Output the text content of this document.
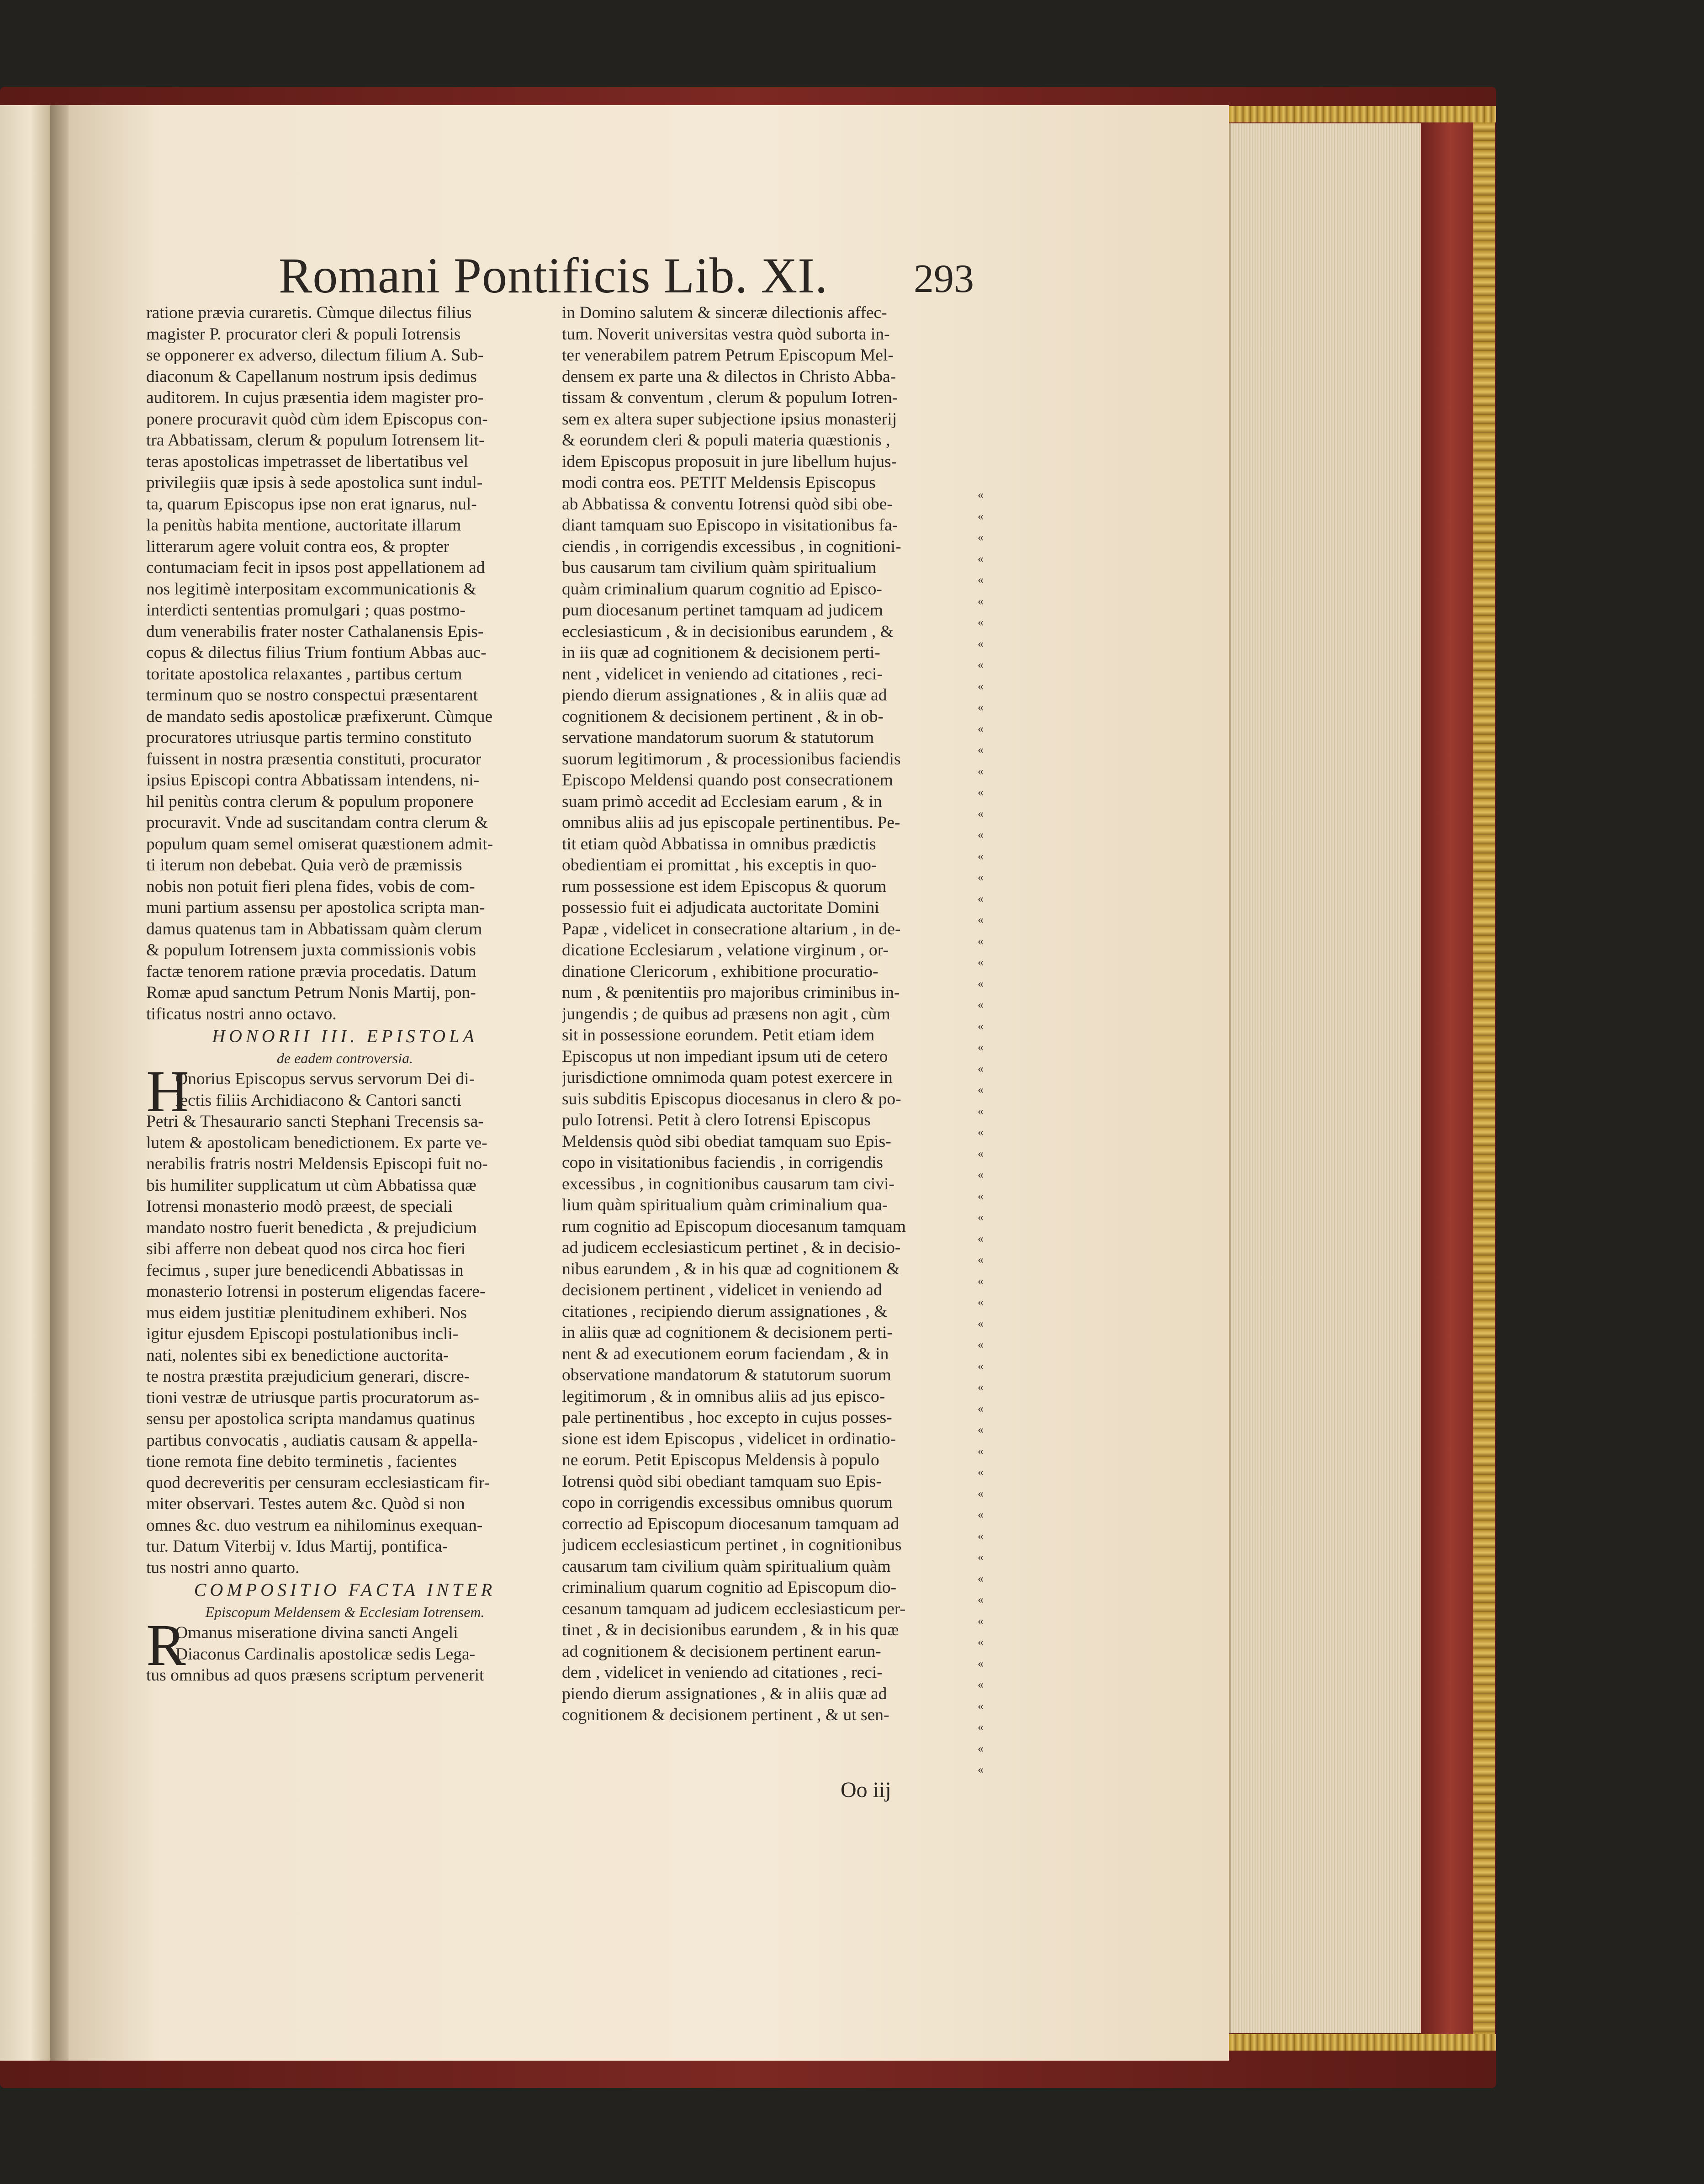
Romani Pontificis Lib. XI. 293
ratione prævia curaretis. Cùmque dilectus filius
magister P. procurator cleri & populi Iotrensis
se opponerer ex adverso, dilectum filium A. Sub-
diaconum & Capellanum nostrum ipsis dedimus
auditorem. In cujus præsentia idem magister pro-
ponere procuravit quòd cùm idem Episcopus con-
tra Abbatissam, clerum & populum Iotrensem lit-
teras apostolicas impetrasset de libertatibus vel
privilegiis quæ ipsis à sede apostolica sunt indul-
ta, quarum Episcopus ipse non erat ignarus, nul-
la penitùs habita mentione, auctoritate illarum
litterarum agere voluit contra eos, & propter
contumaciam fecit in ipsos post appellationem ad
nos legitimè interpositam excommunicationis &
interdicti sententias promulgari ; quas postmo-
dum venerabilis frater noster Cathalanensis Epis-
copus & dilectus filius Trium fontium Abbas auc-
toritate apostolica relaxantes , partibus certum
terminum quo se nostro conspectui præsentarent
de mandato sedis apostolicæ præfixerunt. Cùmque
procuratores utriusque partis termino constituto
fuissent in nostra præsentia constituti, procurator
ipsius Episcopi contra Abbatissam intendens, ni-
hil penitùs contra clerum & populum proponere
procuravit. Vnde ad suscitandam contra clerum &
populum quam semel omiserat quæstionem admit-
ti iterum non debebat. Quia verò de præmissis
nobis non potuit fieri plena fides, vobis de com-
muni partium assensu per apostolica scripta man-
damus quatenus tam in Abbatissam quàm clerum
& populum Iotrensem juxta commissionis vobis
factæ tenorem ratione prævia procedatis. Datum
Romæ apud sanctum Petrum Nonis Martij, pon-
tificatus nostri anno octavo.
HONORII III. EPISTOLA
de eadem controversia.
H
Onorius Episcopus servus servorum Dei di-
lectis filiis Archidiacono & Cantori sancti
Petri & Thesaurario sancti Stephani Trecensis sa-
lutem & apostolicam benedictionem. Ex parte ve-
nerabilis fratris nostri Meldensis Episcopi fuit no-
bis humiliter supplicatum ut cùm Abbatissa quæ
Iotrensi monasterio modò præest, de speciali
mandato nostro fuerit benedicta , & prejudicium
sibi afferre non debeat quod nos circa hoc fieri
fecimus , super jure benedicendi Abbatissas in
monasterio Iotrensi in posterum eligendas facere-
mus eidem justitiæ plenitudinem exhiberi. Nos
igitur ejusdem Episcopi postulationibus incli-
nati, nolentes sibi ex benedictione auctorita-
te nostra præstita præjudicium generari, discre-
tioni vestræ de utriusque partis procuratorum as-
sensu per apostolica scripta mandamus quatinus
partibus convocatis , audiatis causam & appella-
tione remota fine debito terminetis , facientes
quod decreveritis per censuram ecclesiasticam fir-
miter observari. Testes autem &c. Quòd si non
omnes &c. duo vestrum ea nihilominus exequan-
tur. Datum Viterbij v. Idus Martij, pontifica-
tus nostri anno quarto.
COMPOSITIO FACTA INTER
Episcopum Meldensem & Ecclesiam Iotrensem.
R
Omanus miseratione divina sancti Angeli
Diaconus Cardinalis apostolicæ sedis Lega-
tus omnibus ad quos præsens scriptum pervenerit
in Domino salutem & sinceræ dilectionis affec-
tum. Noverit universitas vestra quòd suborta in-
ter venerabilem patrem Petrum Episcopum Mel-
densem ex parte una & dilectos in Christo Abba-
tissam & conventum , clerum & populum Iotren-
sem ex altera super subjectione ipsius monasterij
& eorundem cleri & populi materia quæstionis ,
idem Episcopus proposuit in jure libellum hujus-
modi contra eos. PETIT Meldensis Episcopus
ab Abbatissa & conventu Iotrensi quòd sibi obe-
diant tamquam suo Episcopo in visitationibus fa-
ciendis , in corrigendis excessibus , in cognitioni-
bus causarum tam civilium quàm spiritualium
quàm criminalium quarum cognitio ad Episco-
pum diocesanum pertinet tamquam ad judicem
ecclesiasticum , & in decisionibus earundem , &
in iis quæ ad cognitionem & decisionem perti-
nent , videlicet in veniendo ad citationes , reci-
piendo dierum assignationes , & in aliis quæ ad
cognitionem & decisionem pertinent , & in ob-
servatione mandatorum suorum & statutorum
suorum legitimorum , & processionibus faciendis
Episcopo Meldensi quando post consecrationem
suam primò accedit ad Ecclesiam earum , & in
omnibus aliis ad jus episcopale pertinentibus. Pe-
tit etiam quòd Abbatissa in omnibus prædictis
obedientiam ei promittat , his exceptis in quo-
rum possessione est idem Episcopus & quorum
possessio fuit ei adjudicata auctoritate Domini
Papæ , videlicet in consecratione altarium , in de-
dicatione Ecclesiarum , velatione virginum , or-
dinatione Clericorum , exhibitione procuratio-
num , & pœnitentiis pro majoribus criminibus in-
jungendis ; de quibus ad præsens non agit , cùm
sit in possessione eorundem. Petit etiam idem
Episcopus ut non impediant ipsum uti de cetero
jurisdictione omnimoda quam potest exercere in
suis subditis Episcopus diocesanus in clero & po-
pulo Iotrensi. Petit à clero Iotrensi Episcopus
Meldensis quòd sibi obediat tamquam suo Epis-
copo in visitationibus faciendis , in corrigendis
excessibus , in cognitionibus causarum tam civi-
lium quàm spiritualium quàm criminalium qua-
rum cognitio ad Episcopum diocesanum tamquam
ad judicem ecclesiasticum pertinet , & in decisio-
nibus earundem , & in his quæ ad cognitionem &
decisionem pertinent , videlicet in veniendo ad
citationes , recipiendo dierum assignationes , &
in aliis quæ ad cognitionem & decisionem perti-
nent & ad executionem eorum faciendam , & in
observatione mandatorum & statutorum suorum
legitimorum , & in omnibus aliis ad jus episco-
pale pertinentibus , hoc excepto in cujus posses-
sione est idem Episcopus , videlicet in ordinatio-
ne eorum. Petit Episcopus Meldensis à populo
Iotrensi quòd sibi obediant tamquam suo Epis-
copo in corrigendis excessibus omnibus quorum
correctio ad Episcopum diocesanum tamquam ad
judicem ecclesiasticum pertinet , in cognitionibus
causarum tam civilium quàm spiritualium quàm
criminalium quarum cognitio ad Episcopum dio-
cesanum tamquam ad judicem ecclesiasticum per-
tinet , & in decisionibus earundem , & in his quæ
ad cognitionem & decisionem pertinent earun-
dem , videlicet in veniendo ad citationes , reci-
piendo dierum assignationes , & in aliis quæ ad
cognitionem & decisionem pertinent , & ut sen-
«
«
«
«
«
«
«
«
«
«
«
«
«
«
«
«
«
«
«
«
«
«
«
«
«
«
«
«
«
«
«
«
«
«
«
«
«
«
«
«
«
«
«
«
«
«
«
«
«
«
«
«
«
«
«
«
«
«
«
«
«
Oo iij
